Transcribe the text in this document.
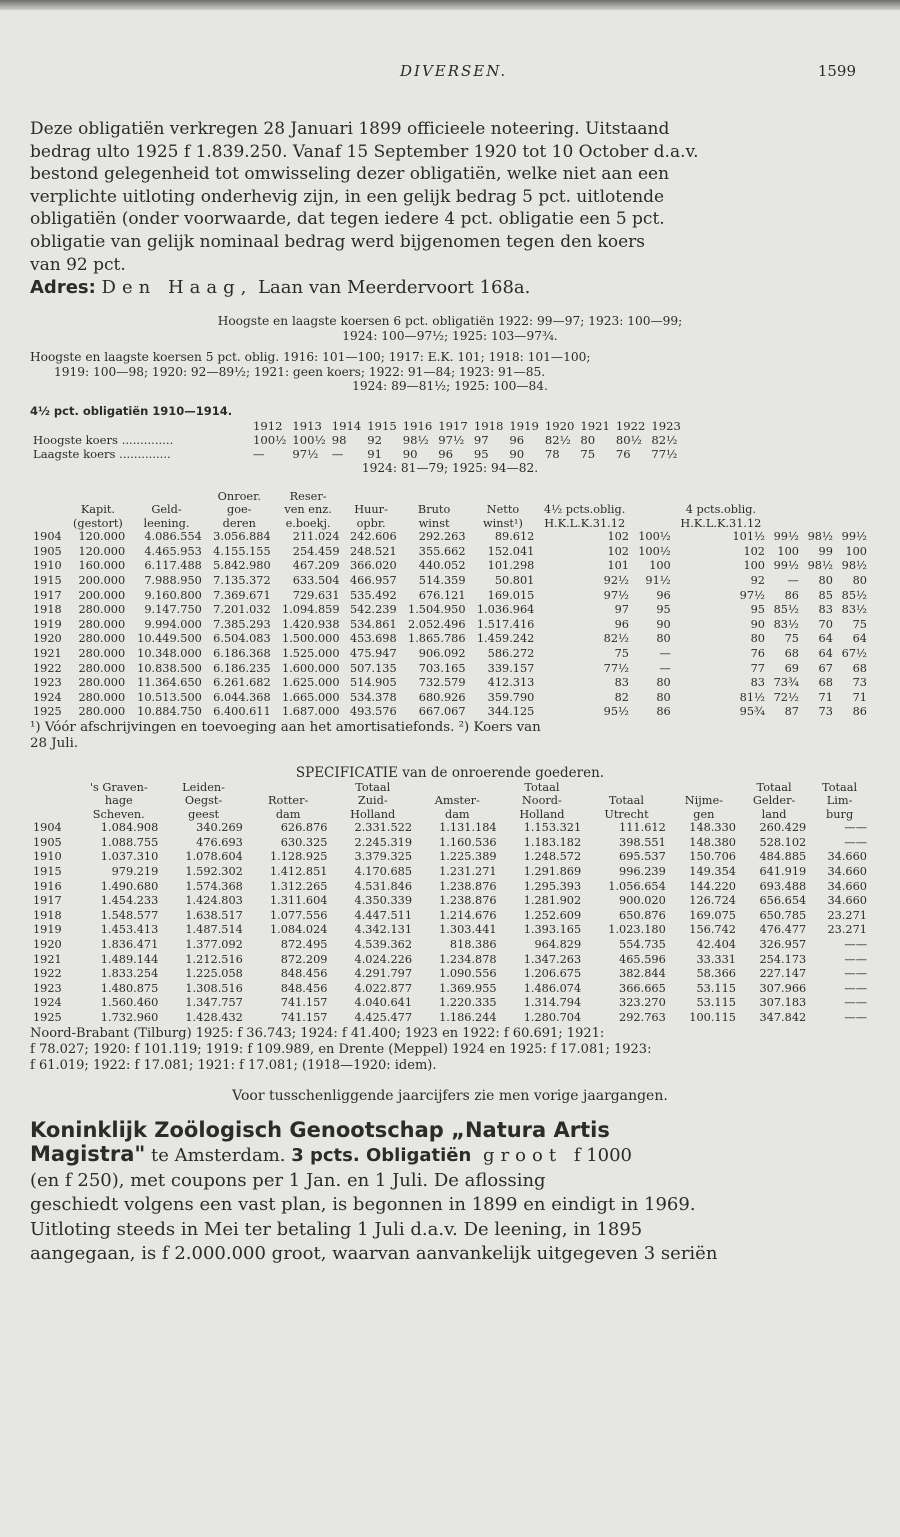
DIVERSEN.	1599
Deze obligatiën verkregen 28 Januari 1899 officieele noteering. Uitstaand
bedrag ulto 1925 f 1.839.250. Vanaf 15 September 1920 tot 10 October d.a.v.
bestond gelegenheid tot omwisseling dezer obligatiën, welke niet aan een
verplichte uitloting onderhevig zijn, in een gelijk bedrag 5 pct. uitlotende
obligatiën (onder voorwaarde, dat tegen iedere 4 pct. obligatie een 5 pct.
obligatie van gelijk nominaal bedrag werd bijgenomen tegen den koers
van 92 pct.
Adres: Den Haag, Laan van Meerdervoort 168a.
Hoogste en laagste koersen 6 pct. obligatiën 1922: 99—97; 1923: 100—99;
1924: 100—97½; 1925: 103—97¾.
Hoogste en laagste koersen 5 pct. oblig. 1916: 101—100; 1917: E.K. 101; 1918: 101—100;
1919: 100—98; 1920: 92—89½; 1921: geen koers; 1922: 91—84; 1923: 91—85.
1924: 89—81½; 1925: 100—84.
4½ pct. obligatiën 1910—1914.
	1912	1913	1914	1915	1916	1917	1918	1919	1920	1921	1922	1923
Hoogste koers ..............	100½	100½	98	92	98½	97½	97	96	82½	80	80½	82½
Laagste koers ..............	—	97½	—	91	90	96	95	90	78	75	76	77½
1924: 81—79; 1925: 94—82.
			Onroer.	Reser-									
	Kapit.	Geld-	goe-	ven enz.	Huur-	Bruto	Netto	4½ pcts.oblig.		4 pcts.oblig.			
	(gestort)	leening.	deren	e.boekj.	opbr.	winst	winst¹)	H.K.L.K.31.12		H.K.L.K.31.12			
1904	120.000	4.086.554	3.056.884	211.024	242.606	292.263	89.612	102	100½	101½	99½	98½	99½
1905	120.000	4.465.953	4.155.155	254.459	248.521	355.662	152.041	102	100½	102	100	99	100
1910	160.000	6.117.488	5.842.980	467.209	366.020	440.052	101.298	101	100	100	99½	98½	98½
1915	200.000	7.988.950	7.135.372	633.504	466.957	514.359	50.801	92½	91½	92	—	80	80
1917	200.000	9.160.800	7.369.671	729.631	535.492	676.121	169.015	97½	96	97½	86	85	85½
1918	280.000	9.147.750	7.201.032	1.094.859	542.239	1.504.950	1.036.964	97	95	95	85½	83	83½
1919	280.000	9.994.000	7.385.293	1.420.938	534.861	2.052.496	1.517.416	96	90	90	83½	70	75
1920	280.000	10.449.500	6.504.083	1.500.000	453.698	1.865.786	1.459.242	82½	80	80	75	64	64
1921	280.000	10.348.000	6.186.368	1.525.000	475.947	906.092	586.272	75	—	76	68	64	67½
1922	280.000	10.838.500	6.186.235	1.600.000	507.135	703.165	339.157	77½	—	77	69	67	68
1923	280.000	11.364.650	6.261.682	1.625.000	514.905	732.579	412.313	83	80	83	73¾	68	73
1924	280.000	10.513.500	6.044.368	1.665.000	534.378	680.926	359.790	82	80	81½	72½	71	71
1925	280.000	10.884.750	6.400.611	1.687.000	493.576	667.067	344.125	95½	86	95¾	87	73	86
¹) Vóór afschrijvingen en toevoeging aan het amortisatiefonds. ²) Koers van
28 Juli.
SPECIFICATIE van de onroerende goederen.
	's Graven-	Leiden-		Totaal		Totaal			Totaal	Totaal
	hage	Oegst-	Rotter-	Zuid-	Amster-	Noord-	Totaal	Nijme-	Gelder-	Lim-
	Scheven.	geest	dam	Holland	dam	Holland	Utrecht	gen	land	burg
1904	1.084.908	340.269	626.876	2.331.522	1.131.184	1.153.321	111.612	148.330	260.429	——
1905	1.088.755	476.693	630.325	2.245.319	1.160.536	1.183.182	398.551	148.380	528.102	——
1910	1.037.310	1.078.604	1.128.925	3.379.325	1.225.389	1.248.572	695.537	150.706	484.885	34.660
1915	979.219	1.592.302	1.412.851	4.170.685	1.231.271	1.291.869	996.239	149.354	641.919	34.660
1916	1.490.680	1.574.368	1.312.265	4.531.846	1.238.876	1.295.393	1.056.654	144.220	693.488	34.660
1917	1.454.233	1.424.803	1.311.604	4.350.339	1.238.876	1.281.902	900.020	126.724	656.654	34.660
1918	1.548.577	1.638.517	1.077.556	4.447.511	1.214.676	1.252.609	650.876	169.075	650.785	23.271
1919	1.453.413	1.487.514	1.084.024	4.342.131	1.303.441	1.393.165	1.023.180	156.742	476.477	23.271
1920	1.836.471	1.377.092	872.495	4.539.362	818.386	964.829	554.735	42.404	326.957	——
1921	1.489.144	1.212.516	872.209	4.024.226	1.234.878	1.347.263	465.596	33.331	254.173	——
1922	1.833.254	1.225.058	848.456	4.291.797	1.090.556	1.206.675	382.844	58.366	227.147	——
1923	1.480.875	1.308.516	848.456	4.022.877	1.369.955	1.486.074	366.665	53.115	307.966	——
1924	1.560.460	1.347.757	741.157	4.040.641	1.220.335	1.314.794	323.270	53.115	307.183	——
1925	1.732.960	1.428.432	741.157	4.425.477	1.186.244	1.280.704	292.763	100.115	347.842	——
Noord-Brabant (Tilburg) 1925: f 36.743; 1924: f 41.400; 1923 en 1922: f 60.691; 1921:
f 78.027; 1920: f 101.119; 1919: f 109.989, en Drente (Meppel) 1924 en 1925: f 17.081; 1923:
f 61.019; 1922: f 17.081; 1921: f 17.081; (1918—1920: idem).
Voor tusschenliggende jaarcijfers zie men vorige jaargangen.
Koninklijk Zoölogisch Genootschap „Natura Artis
Magistra" te Amsterdam. 3 pcts. Obligatiën groot f 1000
(en f 250), met coupons per 1 Jan. en 1 Juli. De aflossing
geschiedt volgens een vast plan, is begonnen in 1899 en eindigt in 1969.
Uitloting steeds in Mei ter betaling 1 Juli d.a.v. De leening, in 1895
aangegaan, is f 2.000.000 groot, waarvan aanvankelijk uitgegeven 3 seriën
